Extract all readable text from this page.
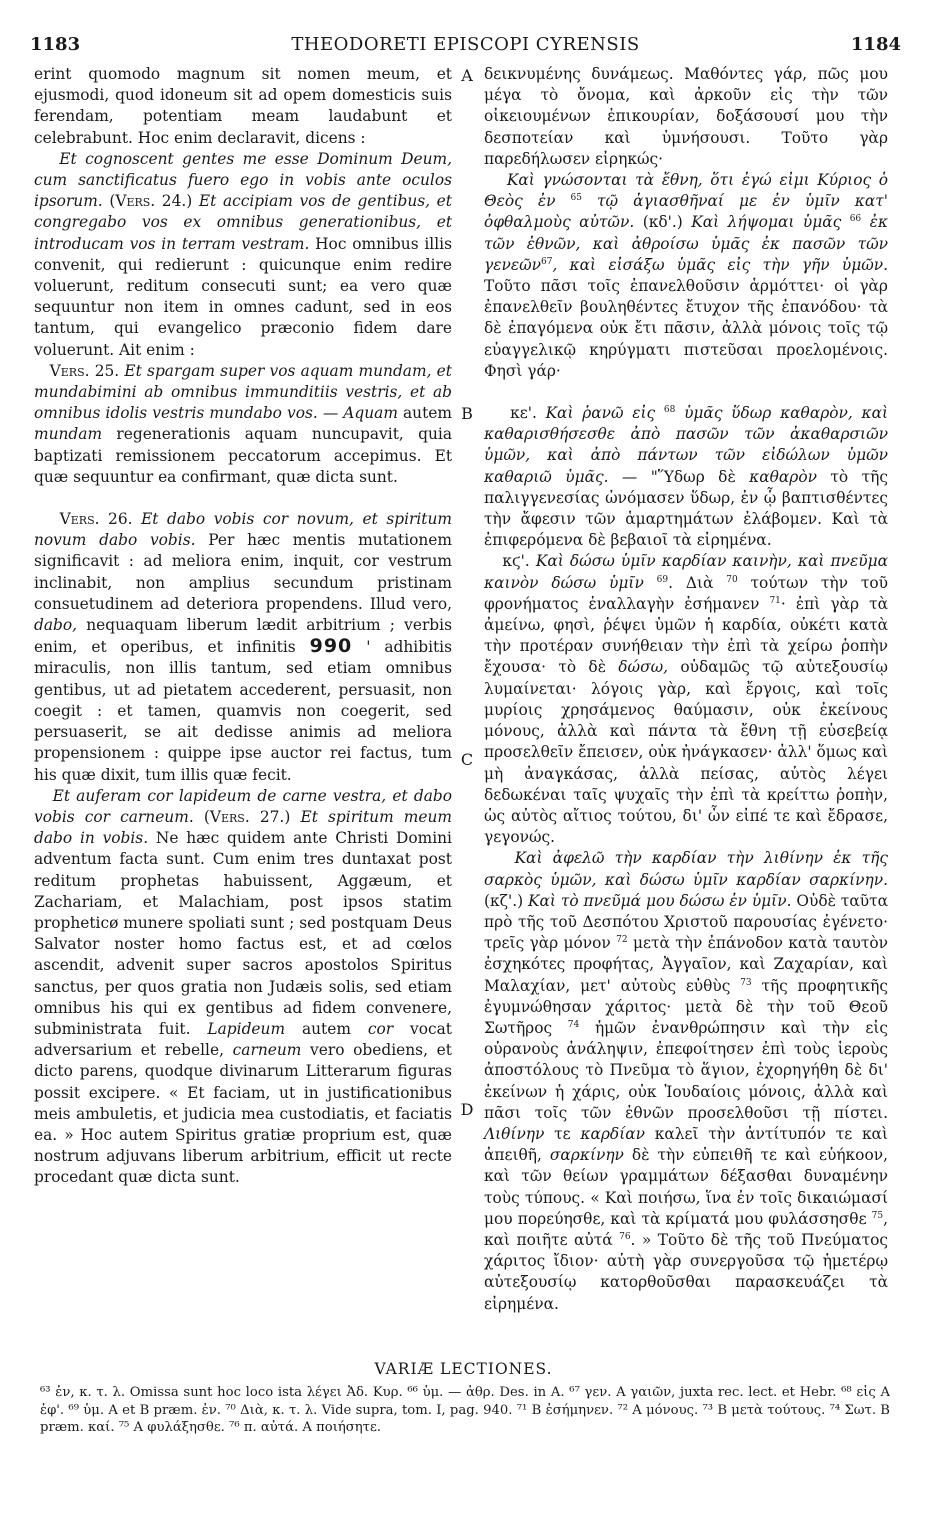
1183	THEODORETI EPISCOPI CYRENSIS	1184
A
B
C
D

erint quomodo magnum sit nomen meum, et ejusmodi, quod idoneum sit ad opem domesticis suis ferendam, potentiam meam laudabunt et celebrabunt. Hoc enim declaravit, dicens :

Et cognoscent gentes me esse Dominum Deum, cum sanctificatus fuero ego in vobis ante oculos ipsorum. (Vers. 24.) Et accipiam vos de gentibus, et congregabo vos ex omnibus generationibus, et introducam vos in terram vestram. Hoc omnibus illis convenit, qui redierunt : quicunque enim redire voluerunt, reditum consecuti sunt; ea vero quæ sequuntur non item in omnes cadunt, sed in eos tantum, qui evangelico præconio fidem dare voluerunt. Ait enim :

Vers. 25. Et spargam super vos aquam mundam, et mundabimini ab omnibus immunditiis vestris, et ab omnibus idolis vestris mundabo vos. — Aquam autem mundam regenerationis aquam nuncupavit, quia baptizati remissionem peccatorum accepimus. Et quæ sequuntur ea confirmant, quæ dicta sunt.

Vers. 26. Et dabo vobis cor novum, et spiritum novum dabo vobis. Per hæc mentis mutationem significavit : ad meliora enim, inquit, cor vestrum inclinabit, non amplius secundum pristinam consuetudinem ad deteriora propendens. Illud vero, dabo, nequaquam liberum lædit arbitrium ; verbis enim, et operibus, et infinitis 990 ' adhibitis miraculis, non illis tantum, sed etiam omnibus gentibus, ut ad pietatem accederent, persuasit, non coegit : et tamen, quamvis non coegerit, sed persuaserit, se ait dedisse animis ad meliora propensionem : quippe ipse auctor rei factus, tum his quæ dixit, tum illis quæ fecit.

Et auferam cor lapideum de carne vestra, et dabo vobis cor carneum. (Vers. 27.) Et spiritum meum dabo in vobis. Ne hæc quidem ante Christi Domini adventum facta sunt. Cum enim tres duntaxat post reditum prophetas habuissent, Aggæum, et Zachariam, et Malachiam, post ipsos statim propheticø munere spoliati sunt ; sed postquam Deus Salvator noster homo factus est, et ad cœlos ascendit, advenit super sacros apostolos Spiritus sanctus, per quos gratia non Judæis solis, sed etiam omnibus his qui ex gentibus ad fidem convenere, subministrata fuit. Lapideum autem cor vocat adversarium et rebelle, carneum vero obediens, et dicto parens, quodque divinarum Litterarum figuras possit excipere. « Et faciam, ut in justificationibus meis ambuletis, et judicia mea custodiatis, et faciatis ea. » Hoc autem Spiritus gratiæ proprium est, quæ nostrum adjuvans liberum arbitrium, efficit ut recte procedant quæ dicta sunt.

δεικνυμένης δυνάμεως. Μαθόντες γάρ, πῶς μου μέγα τὸ ὄνομα, καὶ ἀρκοῦν εἰς τὴν τῶν οἰκειουμένων ἐπικουρίαν, δοξάσουσί μου τὴν δεσποτείαν καὶ ὑμνήσουσι. Τοῦτο γὰρ παρεδήλωσεν εἰρηκώς·

Καὶ γνώσονται τὰ ἔθνη, ὅτι ἐγώ εἰμι Κύριος ὁ Θεὸς ἐν $^{65}$ τῷ ἁγιασθῆναί με ἐν ὑμῖν κατ' ὀφθαλμοὺς αὐτῶν. (κδ'.) Καὶ λήψομαι ὑμᾶς $^{66}$ ἐκ τῶν ἐθνῶν, καὶ ἀθροίσω ὑμᾶς ἐκ πασῶν τῶν γενεῶν$^{67}$, καὶ εἰσάξω ὑμᾶς εἰς τὴν γῆν ὑμῶν. Τοῦτο πᾶσι τοῖς ἐπανελθοῦσιν ἁρμόττει· οἱ γὰρ ἐπανελθεῖν βουληθέντες ἔτυχον τῆς ἐπανόδου· τὰ δὲ ἐπαγόμενα οὐκ ἔτι πᾶσιν, ἀλλὰ μόνοις τοῖς τῷ εὐαγγελικῷ κηρύγματι πιστεῦσαι προελομένοις. Φησὶ γάρ·

κε'. Καὶ ῥανῶ εἰς $^{68}$ ὑμᾶς ὕδωρ καθαρὸν, καὶ καθαρισθήσεσθε ἀπὸ πασῶν τῶν ἀκαθαρσιῶν ὑμῶν, καὶ ἀπὸ πάντων τῶν εἰδώλων ὑμῶν καθαριῶ ὑμᾶς. — "Ὕδωρ δὲ καθαρὸν τὸ τῆς παλιγγενεσίας ὠνόμασεν ὕδωρ, ἐν ᾧ βαπτισθέντες τὴν ἄφεσιν τῶν ἁμαρτημάτων ἐλάβομεν. Καὶ τὰ ἐπιφερόμενα δὲ βεβαιοῖ τὰ εἰρημένα.

κϛ'. Καὶ δώσω ὑμῖν καρδίαν καινὴν, καὶ πνεῦμα καινὸν δώσω ὑμῖν $^{69}$. Διὰ $^{70}$ τούτων τὴν τοῦ φρονήματος ἐναλλαγὴν ἐσήμανεν $^{71}$· ἐπὶ γὰρ τὰ ἀμείνω, φησὶ, ῥέψει ὑμῶν ἡ καρδία, οὐκέτι κατὰ τὴν προτέραν συνήθειαν τὴν ἐπὶ τὰ χείρω ῥοπὴν ἔχουσα· τὸ δὲ δώσω, οὐδαμῶς τῷ αὐτεξουσίῳ λυμαίνεται· λόγοις γὰρ, καὶ ἔργοις, καὶ τοῖς μυρίοις χρησάμενος θαύμασιν, οὐκ ἐκείνους μόνους, ἀλλὰ καὶ πάντα τὰ ἔθνη τῇ εὐσεβείᾳ προσελθεῖν ἔπεισεν, οὐκ ἠνάγκασεν· ἀλλ' ὅμως καὶ μὴ ἀναγκάσας, ἀλλὰ πείσας, αὐτὸς λέγει δεδωκέναι ταῖς ψυχαῖς τὴν ἐπὶ τὰ κρείττω ῥοπὴν, ὡς αὐτὸς αἴτιος τούτου, δι' ὧν εἰπέ τε καὶ ἔδρασε, γεγονώς.

Καὶ ἀφελῶ τὴν καρδίαν τὴν λιθίνην ἐκ τῆς σαρκὸς ὑμῶν, καὶ δώσω ὑμῖν καρδίαν σαρκίνην. (κζ'.) Καὶ τὸ πνεῦμά μου δώσω ἐν ὑμῖν. Οὐδὲ ταῦτα πρὸ τῆς τοῦ Δεσπότου Χριστοῦ παρουσίας ἐγένετο· τρεῖς γὰρ μόνον $^{72}$ μετὰ τὴν ἐπάνοδον κατὰ ταυτὸν ἐσχηκότες προφήτας, Ἀγγαῖον, καὶ Ζαχαρίαν, καὶ Μαλαχίαν, μετ' αὐτοὺς εὐθὺς $^{73}$ τῆς προφητικῆς ἐγυμνώθησαν χάριτος· μετὰ δὲ τὴν τοῦ Θεοῦ Σωτῆρος $^{74}$ ἡμῶν ἐνανθρώπησιν καὶ τὴν εἰς οὐρανοὺς ἀνάληψιν, ἐπεφοίτησεν ἐπὶ τοὺς ἱεροὺς ἀποστόλους τὸ Πνεῦμα τὸ ἅγιον, ἐχορηγήθη δὲ δι' ἐκείνων ἡ χάρις, οὐκ Ἰουδαίοις μόνοις, ἀλλὰ καὶ πᾶσι τοῖς τῶν ἐθνῶν προσελθοῦσι τῇ πίστει. Λιθίνην τε καρδίαν καλεῖ τὴν ἀντίτυπόν τε καὶ ἀπειθῆ, σαρκίνην δὲ τὴν εὐπειθῆ τε καὶ εὐήκοον, καὶ τῶν θείων γραμμάτων δέξασθαι δυναμένην τοὺς τύπους. « Καὶ ποιήσω, ἵνα ἐν τοῖς δικαιώμασί μου πορεύησθε, καὶ τὰ κρίματά μου φυλάσσησθε $^{75}$, καὶ ποιῆτε αὐτά $^{76}$. » Τοῦτο δὲ τῆς τοῦ Πνεύματος χάριτος ἴδιον· αὐτὴ γὰρ συνεργοῦσα τῷ ἡμετέρῳ αὐτεξουσίῳ κατορθοῦσθαι παρασκευάζει τὰ εἰρημένα.

VARIÆ LECTIONES.
⁶³ ἐν, κ. τ. λ. Omissa sunt hoc loco ista λέγει Ἀδ. Κυρ. ⁶⁶ ὑμ. — ἀθρ. Des. in A. ⁶⁷ γεν. A γαιῶν, juxta rec. lect. et Hebr. ⁶⁸ εἰς A ἐφ'. ⁶⁹ ὑμ. A et B præm. ἐν. ⁷⁰ Διὰ, κ. τ. λ. Vide supra, tom. I, pag. 940. ⁷¹ B ἐσήμηνεν. ⁷² A μόνους. ⁷³ B μετὰ τούτους. ⁷⁴ Σωτ. B præm. καί. ⁷⁵ A φυλάξησθε. ⁷⁶ π. αὐτά. A ποιήσητε.
